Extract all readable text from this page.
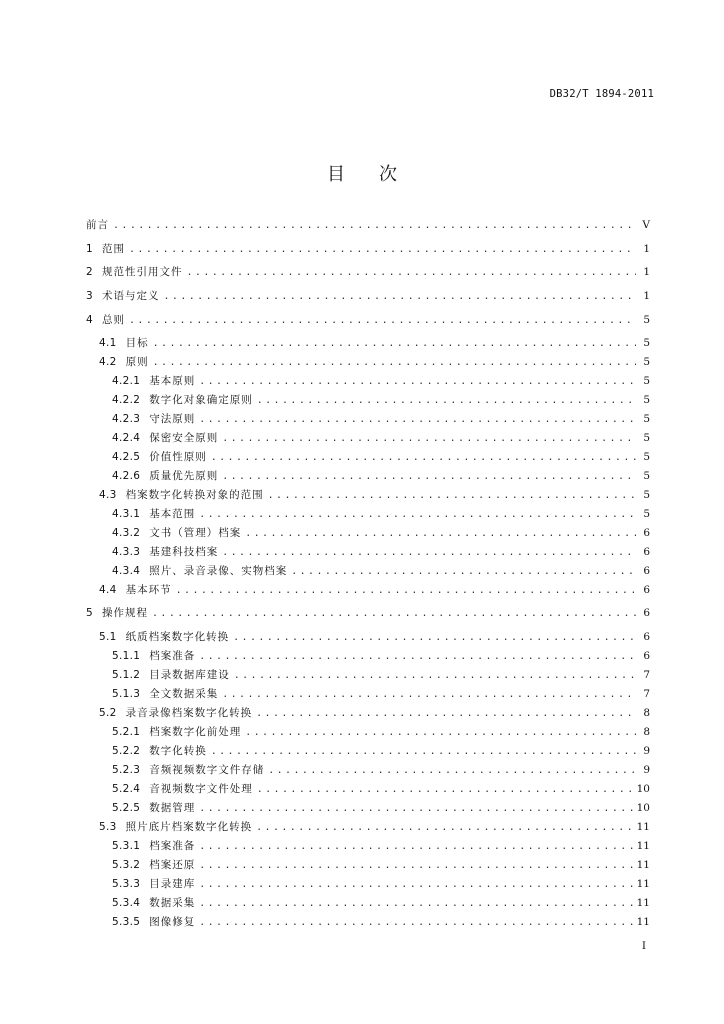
DB32/T 1894-2011
目次
前言 .....	V
1 范围 .....	1
2 规范性引用文件 .....	1
3 术语与定义 .....	1
4 总则 .....	5
4.1 目标 .....	5
4.2 原则 .....	5
4.2.1 基本原则 .....	5
4.2.2 数字化对象确定原则 .....	5
4.2.3 守法原则 .....	5
4.2.4 保密安全原则 .....	5
4.2.5 价值性原则 .....	5
4.2.6 质量优先原则 .....	5
4.3 档案数字化转换对象的范围 .....	5
4.3.1 基本范围 .....	5
4.3.2 文书（管理）档案 .....	6
4.3.3 基建科技档案 .....	6
4.3.4 照片、录音录像、实物档案 .....	6
4.4 基本环节 .....	6
5 操作规程 .....	6
5.1 纸质档案数字化转换 .....	6
5.1.1 档案准备 .....	6
5.1.2 目录数据库建设 .....	7
5.1.3 全文数据采集 .....	7
5.2 录音录像档案数字化转换 .....	8
5.2.1 档案数字化前处理 .....	8
5.2.2 数字化转换 .....	9
5.2.3 音频视频数字文件存储 .....	9
5.2.4 音视频数字文件处理 .....	10
5.2.5 数据管理 .....	10
5.3 照片底片档案数字化转换 .....	11
5.3.1 档案准备 .....	11
5.3.2 档案还原 .....	11
5.3.3 目录建库 .....	11
5.3.4 数据采集 .....	11
5.3.5 图像修复 .....	11
I
